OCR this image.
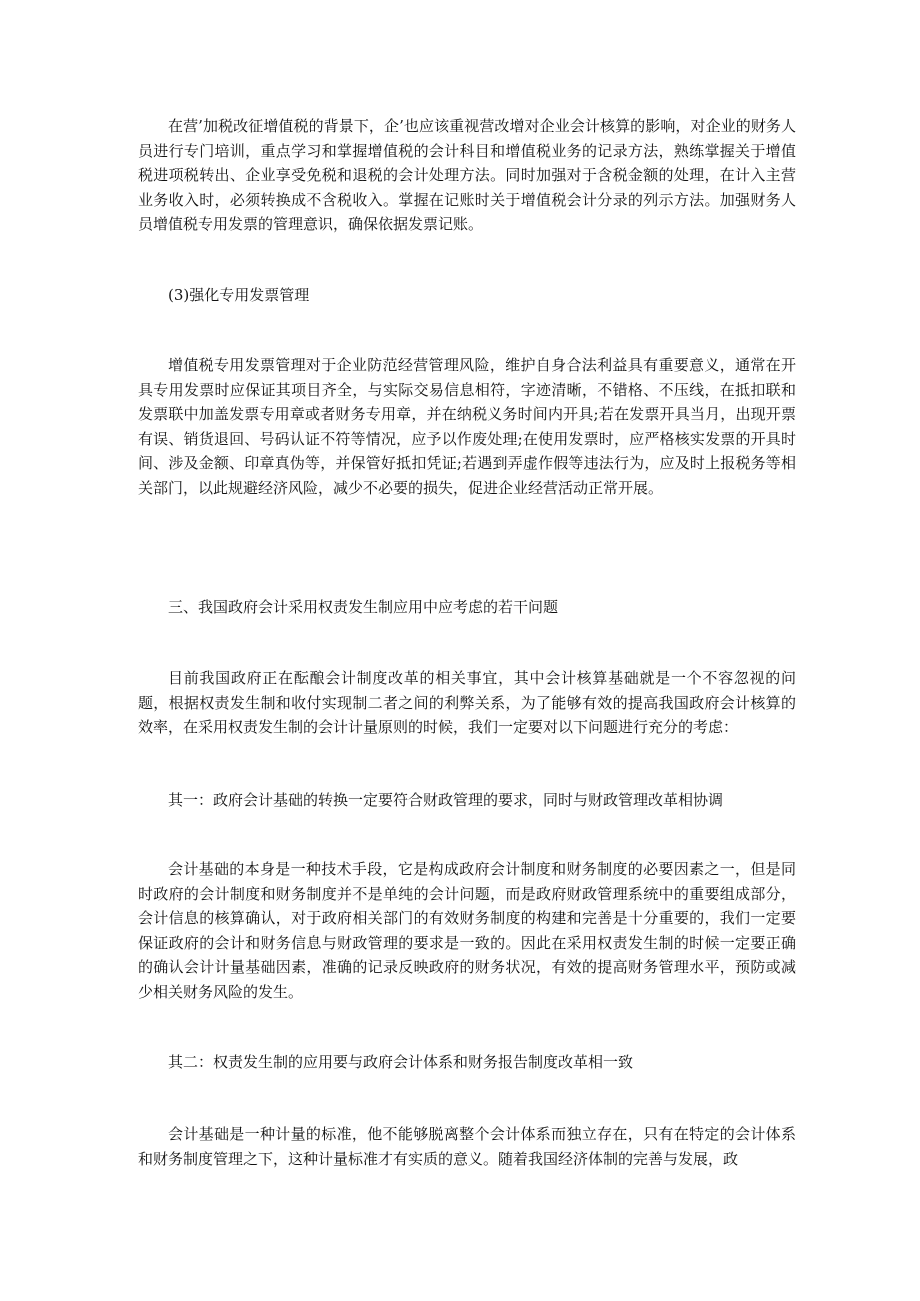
在营’加税改征增值税的背景下，企’也应该重视营改增对企业会计核算的影响，对企业的财务人员进行专门培训，重点学习和掌握增值税的会计科目和增值税业务的记录方法，熟练掌握关于增值税进项税转出、企业享受免税和退税的会计处理方法。同时加强对于含税金额的处理，在计入主营业务收入时，必须转换成不含税收入。掌握在记账时关于增值税会计分录的列示方法。加强财务人员增值税专用发票的管理意识，确保依据发票记账。

(3)强化专用发票管理

增值税专用发票管理对于企业防范经营管理风险，维护自身合法利益具有重要意义，通常在开具专用发票时应保证其项目齐全，与实际交易信息相符，字迹清晰，不错格、不压线，在抵扣联和发票联中加盖发票专用章或者财务专用章，并在纳税义务时间内开具;若在发票开具当月，出现开票有误、销货退回、号码认证不符等情况，应予以作废处理;在使用发票时，应严格核实发票的开具时间、涉及金额、印章真伪等，并保管好抵扣凭证;若遇到弄虚作假等违法行为，应及时上报税务等相关部门，以此规避经济风险，减少不必要的损失，促进企业经营活动正常开展。

三、我国政府会计采用权责发生制应用中应考虑的若干问题

目前我国政府正在酝酿会计制度改革的相关事宜，其中会计核算基础就是一个不容忽视的问题，根据权责发生制和收付实现制二者之间的利弊关系，为了能够有效的提高我国政府会计核算的效率，在采用权责发生制的会计计量原则的时候，我们一定要对以下问题进行充分的考虑：

其一：政府会计基础的转换一定要符合财政管理的要求，同时与财政管理改革相协调

会计基础的本身是一种技术手段，它是构成政府会计制度和财务制度的必要因素之一，但是同时政府的会计制度和财务制度并不是单纯的会计问题，而是政府财政管理系统中的重要组成部分，会计信息的核算确认，对于政府相关部门的有效财务制度的构建和完善是十分重要的，我们一定要保证政府的会计和财务信息与财政管理的要求是一致的。因此在采用权责发生制的时候一定要正确的确认会计计量基础因素，准确的记录反映政府的财务状况，有效的提高财务管理水平，预防或减少相关财务风险的发生。

其二：权责发生制的应用要与政府会计体系和财务报告制度改革相一致

会计基础是一种计量的标准，他不能够脱离整个会计体系而独立存在，只有在特定的会计体系和财务制度管理之下，这种计量标准才有实质的意义。随着我国经济体制的完善与发展，政
